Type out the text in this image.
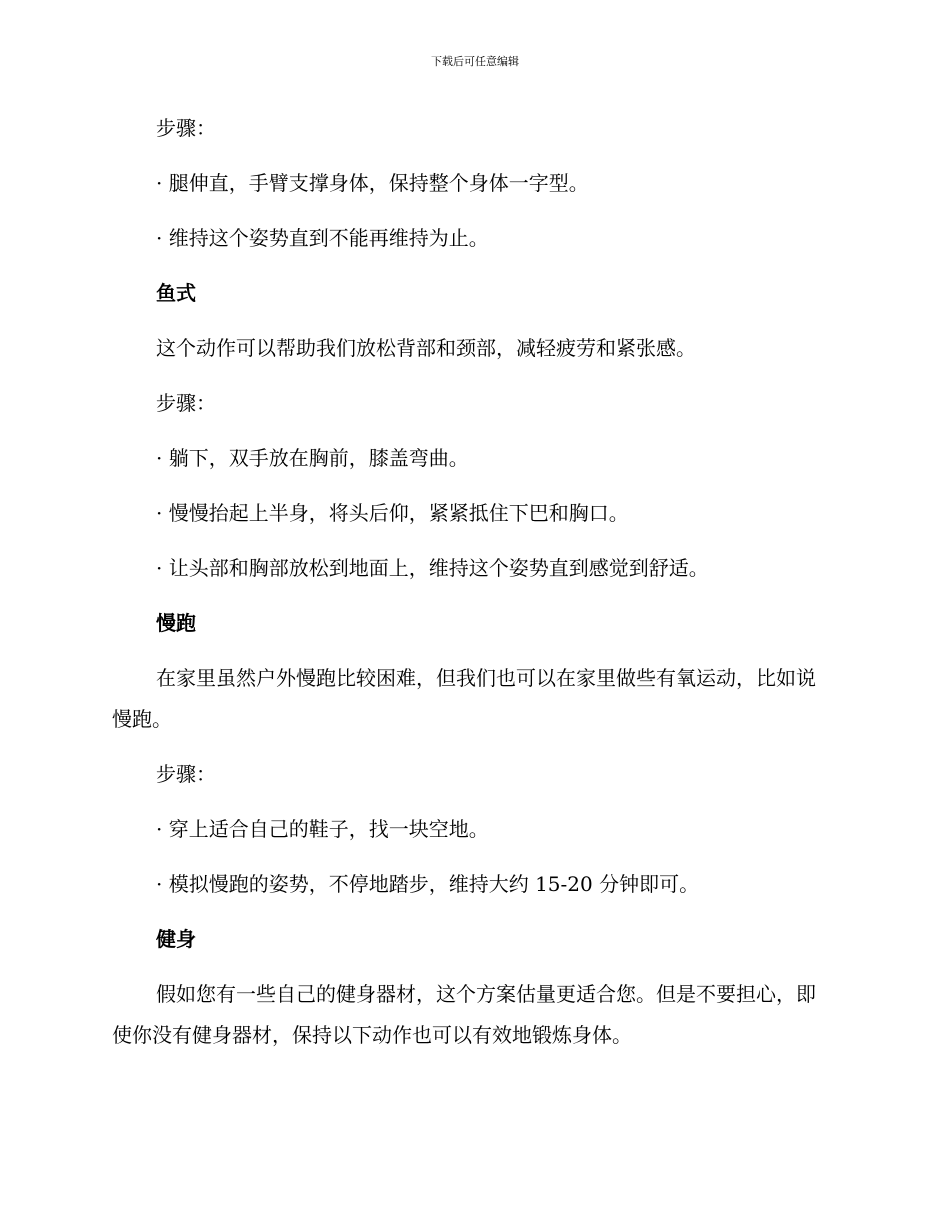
下载后可任意编辑

步骤：

· 腿伸直，手臂支撑身体，保持整个身体一字型。

· 维持这个姿势直到不能再维持为止。

鱼式

这个动作可以帮助我们放松背部和颈部，减轻疲劳和紧张感。

步骤：

· 躺下，双手放在胸前，膝盖弯曲。

· 慢慢抬起上半身，将头后仰，紧紧抵住下巴和胸口。

· 让头部和胸部放松到地面上，维持这个姿势直到感觉到舒适。

慢跑

在家里虽然户外慢跑比较困难，但我们也可以在家里做些有氧运动，比如说慢跑。

步骤：

· 穿上适合自己的鞋子，找一块空地。

· 模拟慢跑的姿势，不停地踏步，维持大约 15-20 分钟即可。

健身

假如您有一些自己的健身器材，这个方案估量更适合您。但是不要担心，即使你没有健身器材，保持以下动作也可以有效地锻炼身体。
